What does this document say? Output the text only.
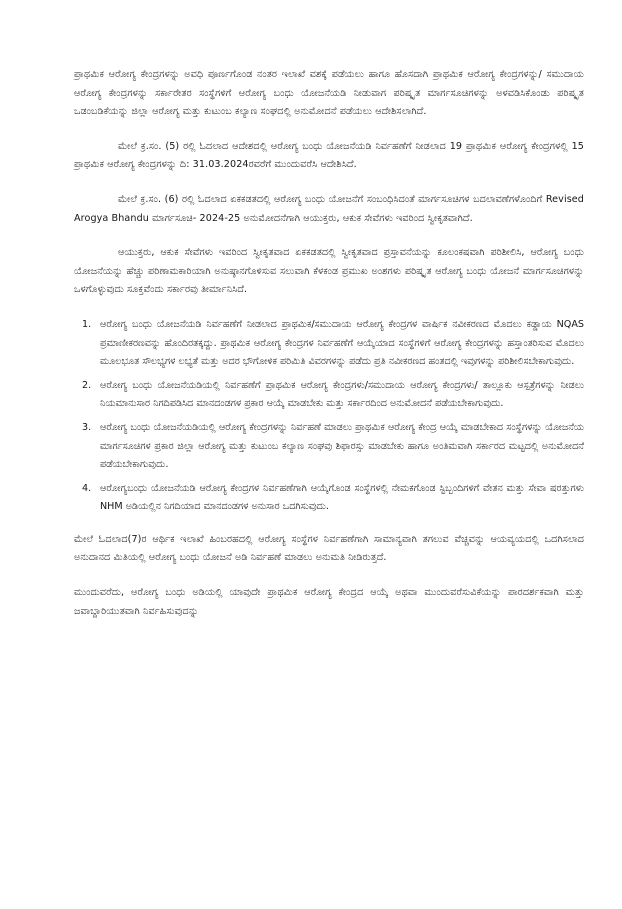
ಪ್ರಾಥಮಿಕ ಆರೋಗ್ಯ ಕೇಂದ್ರಗಳನ್ನು ಅವಧಿ ಪೂರ್ಣಗೊಂಡ ನಂತರ ಇಲಾಖೆ ವಶಕ್ಕೆ ಪಡೆಯಲು ಹಾಗೂ ಹೊಸದಾಗಿ ಪ್ರಾಥಮಿಕ ಆರೋಗ್ಯ ಕೇಂದ್ರಗಳನ್ನು/ ಸಮುದಾಯ ಆರೋಗ್ಯ ಕೇಂದ್ರಗಳನ್ನು ಸರ್ಕಾರೇತರ ಸಂಸ್ಥೆಗಳಿಗೆ ಆರೋಗ್ಯ ಬಂಧು ಯೋಜನೆಯಡಿ ನೀಡುವಾಗ ಪರಿಷ್ಕೃತ ಮಾರ್ಗಸೂಚಿಗಳನ್ನು ಅಳವಡಿಸಿಕೊಂಡು ಪರಿಷ್ಕೃತ ಒಡಂಬಡಿಕೆಯನ್ನು ಜಿಲ್ಲಾ ಆರೋಗ್ಯ ಮತ್ತು ಕುಟುಂಬ ಕಲ್ಯಾಣ ಸಂಘದಲ್ಲಿ ಅನುಮೋದನೆ ಪಡೆಯಲು ಆದೇಶಿಸಲಾಗಿದೆ.

ಮೇಲೆ ಕ್ರ.ಸಂ. (5) ರಲ್ಲಿ ಓದಲಾದ ಆದೇಶದಲ್ಲಿ ಆರೋಗ್ಯ ಬಂಧು ಯೋಜನೆಯಡಿ ನಿರ್ವಹಣೆಗೆ ನೀಡಲಾದ 19 ಪ್ರಾಥಮಿಕ ಆರೋಗ್ಯ ಕೇಂದ್ರಗಳಲ್ಲಿ 15 ಪ್ರಾಥಮಿಕ ಆರೋಗ್ಯ ಕೇಂದ್ರಗಳನ್ನು ದಿ: 31.03.2024ರವರೆಗೆ ಮುಂದುವರೆಸಿ ಆದೇಶಿಸಿದೆ.

ಮೇಲೆ ಕ್ರ.ಸಂ. (6) ರಲ್ಲಿ ಓದಲಾದ ಏಕಕಡತದಲ್ಲಿ ಆರೋಗ್ಯ ಬಂಧು ಯೋಜನೆಗೆ ಸಂಬಂಧಿಸಿದಂತೆ ಮಾರ್ಗಸೂಚಿಗಳ ಬದಲಾವಣೆಗಳೊಂದಿಗೆ Revised Arogya Bhandu ಮಾರ್ಗಸೂಚಿ- 2024-25 ಅನುಮೋದನೆಗಾಗಿ ಆಯುಕ್ತರು, ಆಕುಕ ಸೇವೆಗಳು ಇವರಿಂದ ಸ್ವೀಕೃತವಾಗಿದೆ.

ಆಯುಕ್ತರು, ಆಕುಕ ಸೇವೆಗಳು ಇವರಿಂದ ಸ್ವೀಕೃತವಾದ ಏಕಕಡತದಲ್ಲಿ ಸ್ವೀಕೃತವಾದ ಪ್ರಸ್ತಾವನೆಯನ್ನು ಕೂಲಂಕಷವಾಗಿ ಪರಿಶೀಲಿಸಿ, ಆರೋಗ್ಯ ಬಂಧು ಯೋಜನೆಯನ್ನು ಹೆಚ್ಚು ಪರಿಣಾಮಕಾರಿಯಾಗಿ ಅನುಷ್ಠಾನಗೊಳಿಸುವ ಸಲುವಾಗಿ ಕೆಳಕಂಡ ಪ್ರಮುಖ ಅಂಶಗಳು ಪರಿಷ್ಕೃತ ಆರೋಗ್ಯ ಬಂಧು ಯೋಜನೆ ಮಾರ್ಗಸೂಚಿಗಳನ್ನು ಒಳಗೊಳ್ಳುವುದು ಸೂಕ್ತವೆಂದು ಸರ್ಕಾರವು ತೀರ್ಮಾನಿಸಿದೆ.

1. ಆರೋಗ್ಯ ಬಂಧು ಯೋಜನೆಯಡಿ ನಿರ್ವಹಣೆಗೆ ನೀಡಲಾದ ಪ್ರಾಥಮಿಕ/ಸಮುದಾಯ ಆರೋಗ್ಯ ಕೇಂದ್ರಗಳ ವಾರ್ಷಿಕ ನವೀಕರಣದ ಮೊದಲು ಕಡ್ಡಾಯ NQAS ಪ್ರಮಾಣೀಕರಣವನ್ನು ಹೊಂದಿರತಕ್ಕದ್ದು. ಪ್ರಾಥಮಿಕ ಆರೋಗ್ಯ ಕೇಂದ್ರಗಳ ನಿರ್ವಹಣೆಗೆ ಆಯ್ಕೆಯಾದ ಸಂಸ್ಥೆಗಳಿಗೆ ಆರೋಗ್ಯ ಕೇಂದ್ರಗಳನ್ನು ಹಸ್ತಾಂತರಿಸುವ ಮೊದಲು ಮೂಲಭೂತ ಸೌಲಭ್ಯಗಳ ಲಭ್ಯತೆ ಮತ್ತು ಅದರ ಭೌಗೋಳಿಕ ಪರಿಮಿತಿ ವಿವರಗಳನ್ನು ಪಡೆದು ಪ್ರತಿ ನವೀಕರಣದ ಹಂತದಲ್ಲಿ ಇವುಗಳನ್ನು ಪರಿಶೀಲಿಸಬೇಕಾಗುವುದು.
2. ಆರೋಗ್ಯ ಬಂಧು ಯೋಜನೆಯಡಿಯಲ್ಲಿ ನಿರ್ವಹಣೆಗೆ ಪ್ರಾಥಮಿಕ ಆರೋಗ್ಯ ಕೇಂದ್ರಗಳು/ಸಮುದಾಯ ಆರೋಗ್ಯ ಕೇಂದ್ರಗಳು/ ತಾಲ್ಲೂಕು ಆಸ್ಪತ್ರೆಗಳನ್ನು ನೀಡಲು ನಿಯಮಾನುಸಾರ ನಿಗದಿಪಡಿಸಿದ ಮಾನದಂಡಗಳ ಪ್ರಕಾರ ಆಯ್ಕೆ ಮಾಡಬೇಕು ಮತ್ತು ಸರ್ಕಾರದಿಂದ ಅನುಮೋದನೆ ಪಡೆಯಬೇಕಾಗುವುದು.
3. ಆರೋಗ್ಯ ಬಂಧು ಯೋಜನೆಯಡಿಯಲ್ಲಿ ಆರೋಗ್ಯ ಕೇಂದ್ರಗಳನ್ನು ನಿರ್ವಹಣೆ ಮಾಡಲು ಪ್ರಾಥಮಿಕ ಆರೋಗ್ಯ ಕೇಂದ್ರ ಆಯ್ಕೆ ಮಾಡಬೇಕಾದ ಸಂಸ್ಥೆಗಳನ್ನು ಯೋಜನೆಯ ಮಾರ್ಗಸೂಚಿಗಳ ಪ್ರಕಾರ ಜಿಲ್ಲಾ ಆರೋಗ್ಯ ಮತ್ತು ಕುಟುಂಬ ಕಲ್ಯಾಣ ಸಂಘವು ಶಿಫಾರಸ್ಸು ಮಾಡಬೇಕು ಹಾಗೂ ಅಂತಿಮವಾಗಿ ಸರ್ಕಾರದ ಮಟ್ಟದಲ್ಲಿ ಅನುಮೋದನೆ ಪಡೆಯಬೇಕಾಗುವುದು.
4. ಆರೋಗ್ಯಬಂಧು ಯೋಜನೆಯಡಿ ಆರೋಗ್ಯ ಕೇಂದ್ರಗಳ ನಿರ್ವಹಣೆಗಾಗಿ ಆಯ್ಕೆಗೊಂಡ ಸಂಸ್ಥೆಗಳಲ್ಲಿ ನೇಮಕಗೊಂಡ ಸ್ಟಿಬ್ಬಂದಿಗಳಿಗೆ ವೇತನ ಮತ್ತು ಸೇವಾ ಷರತ್ತುಗಳು NHM ಅಡಿಯಲ್ಲಿನ ನಿಗದಿಯಾದ ಮಾನದಂಡಗಳ ಅನುಸಾರ ಒದಗಿಸುವುದು.

ಮೇಲೆ ಓದಲಾದ(7)ರ ಆರ್ಥಿಕ ಇಲಾಖೆ ಹಿಂಬರಹದಲ್ಲಿ ಆರೋಗ್ಯ ಸಂಸ್ಥೆಗಳ ನಿರ್ವಹಣೆಗಾಗಿ ಸಾಮಾನ್ಯವಾಗಿ ತಗಲುವ ವೆಚ್ಚವನ್ನು ಆಯವ್ಯಯದಲ್ಲಿ ಒದಗಿಸಲಾದ ಅನುದಾನದ ಮಿತಿಯಲ್ಲಿ ಆರೋಗ್ಯ ಬಂಧು ಯೋಜನೆ ಅಡಿ ನಿರ್ವಹಣೆ ಮಾಡಲು ಅನುಮತಿ ನೀಡಿರುತ್ತದೆ.

ಮುಂದುವರೆದು, ಆರೋಗ್ಯ ಬಂಧು ಅಡಿಯಲ್ಲಿ ಯಾವುದೇ ಪ್ರಾಥಮಿಕ ಆರೋಗ್ಯ ಕೇಂದ್ರದ ಆಯ್ಕೆ ಅಥವಾ ಮುಂದುವರೆಸುವಿಕೆಯನ್ನು ಪಾರದರ್ಶಕವಾಗಿ ಮತ್ತು ಜವಾಬ್ದಾರಿಯುತವಾಗಿ ನಿರ್ವಹಿಸುವುದನ್ನು
